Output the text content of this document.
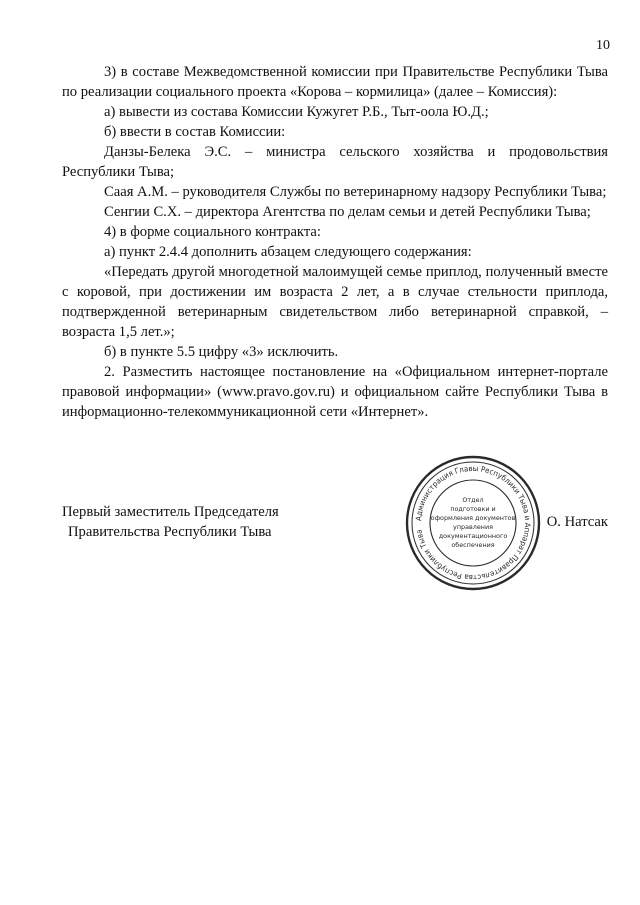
10

3) в составе Межведомственной комиссии при Правительстве Республики Тыва по реализации социального проекта «Корова – кормилица» (далее – Комиссия):

а) вывести из состава Комиссии Кужугет Р.Б., Тыт-оола Ю.Д.;

б) ввести в состав Комиссии:

Данзы-Белека Э.С. – министра сельского хозяйства и продовольствия Республики Тыва;

Саая А.М. – руководителя Службы по ветеринарному надзору Республики Тыва;

Сенгии С.Х. – директора Агентства по делам семьи и детей Республики Тыва;

4) в форме социального контракта:

а) пункт 2.4.4 дополнить абзацем следующего содержания:

«Передать другой многодетной малоимущей семье приплод, полученный вместе с коровой, при достижении им возраста 2 лет, а в случае стельности приплода, подтвержденной ветеринарным свидетельством либо ветеринарной справкой, – возраста 1,5 лет.»;

б) в пункте 5.5 цифру «3» исключить.

2. Разместить настоящее постановление на «Официальном интернет-портале правовой информации» (www.pravo.gov.ru) и официальном сайте Республики Тыва в информационно-телекоммуникационной сети «Интернет».

Первый заместитель Председателя
Правительства Республики Тыва
Администрация Главы Республики Тыва и Аппарат Правительства Республики Тыва
Отдел
подготовки и
оформления документов
управления
документационного
обеспечения
О. Натсак
